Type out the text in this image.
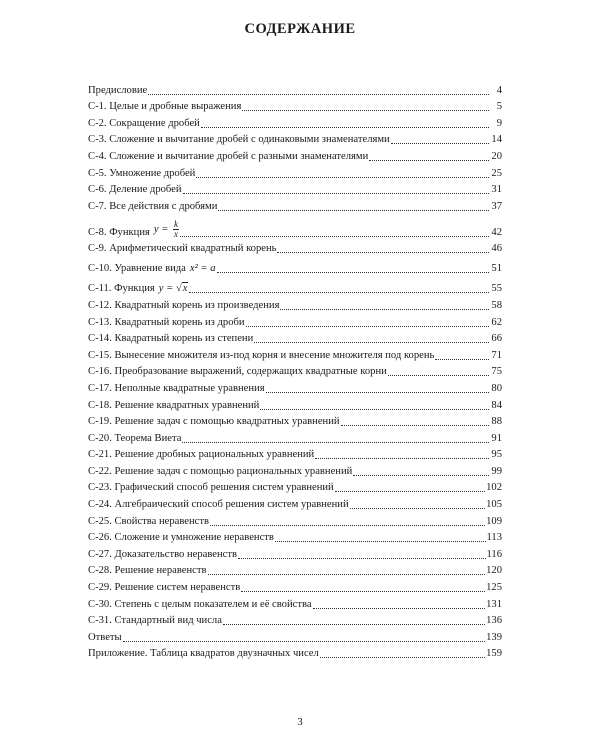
СОДЕРЖАНИЕ
Предисловие	4
С-1. Целые и дробные выражения	5
С-2. Сокращение дробей	9
С-3. Сложение и вычитание дробей с одинаковыми знаменателями	14
С-4. Сложение и вычитание дробей с разными знаменателями	20
С-5. Умножение дробей	25
С-6. Деление дробей	31
С-7. Все действия с дробями	37
С-8. Функция $y = \frac{k}{x}$	42
С-9. Арифметический квадратный корень	46
С-10. Уравнение вида x² = a	51
С-11. Функция y = √x	55
С-12. Квадратный корень из произведения	58
С-13. Квадратный корень из дроби	62
С-14. Квадратный корень из степени	66
С-15. Вынесение множителя из-под корня и внесение множителя под корень	71
С-16. Преобразование выражений, содержащих квадратные корни	75
С-17. Неполные квадратные уравнения	80
С-18. Решение квадратных уравнений	84
С-19. Решение задач с помощью квадратных уравнений	88
С-20. Теорема Виета	91
С-21. Решение дробных рациональных уравнений	95
С-22. Решение задач с помощью рациональных уравнений	99
С-23. Графический способ решения систем уравнений	102
С-24. Алгебраический способ решения систем уравнений	105
С-25. Свойства неравенств	109
С-26. Сложение и умножение неравенств	113
С-27. Доказательство неравенств	116
С-28. Решение неравенств	120
С-29. Решение систем неравенств	125
С-30. Степень с целым показателем и её свойства	131
С-31. Стандартный вид числа	136
Ответы	139
Приложение. Таблица квадратов двузначных чисел	159
3
